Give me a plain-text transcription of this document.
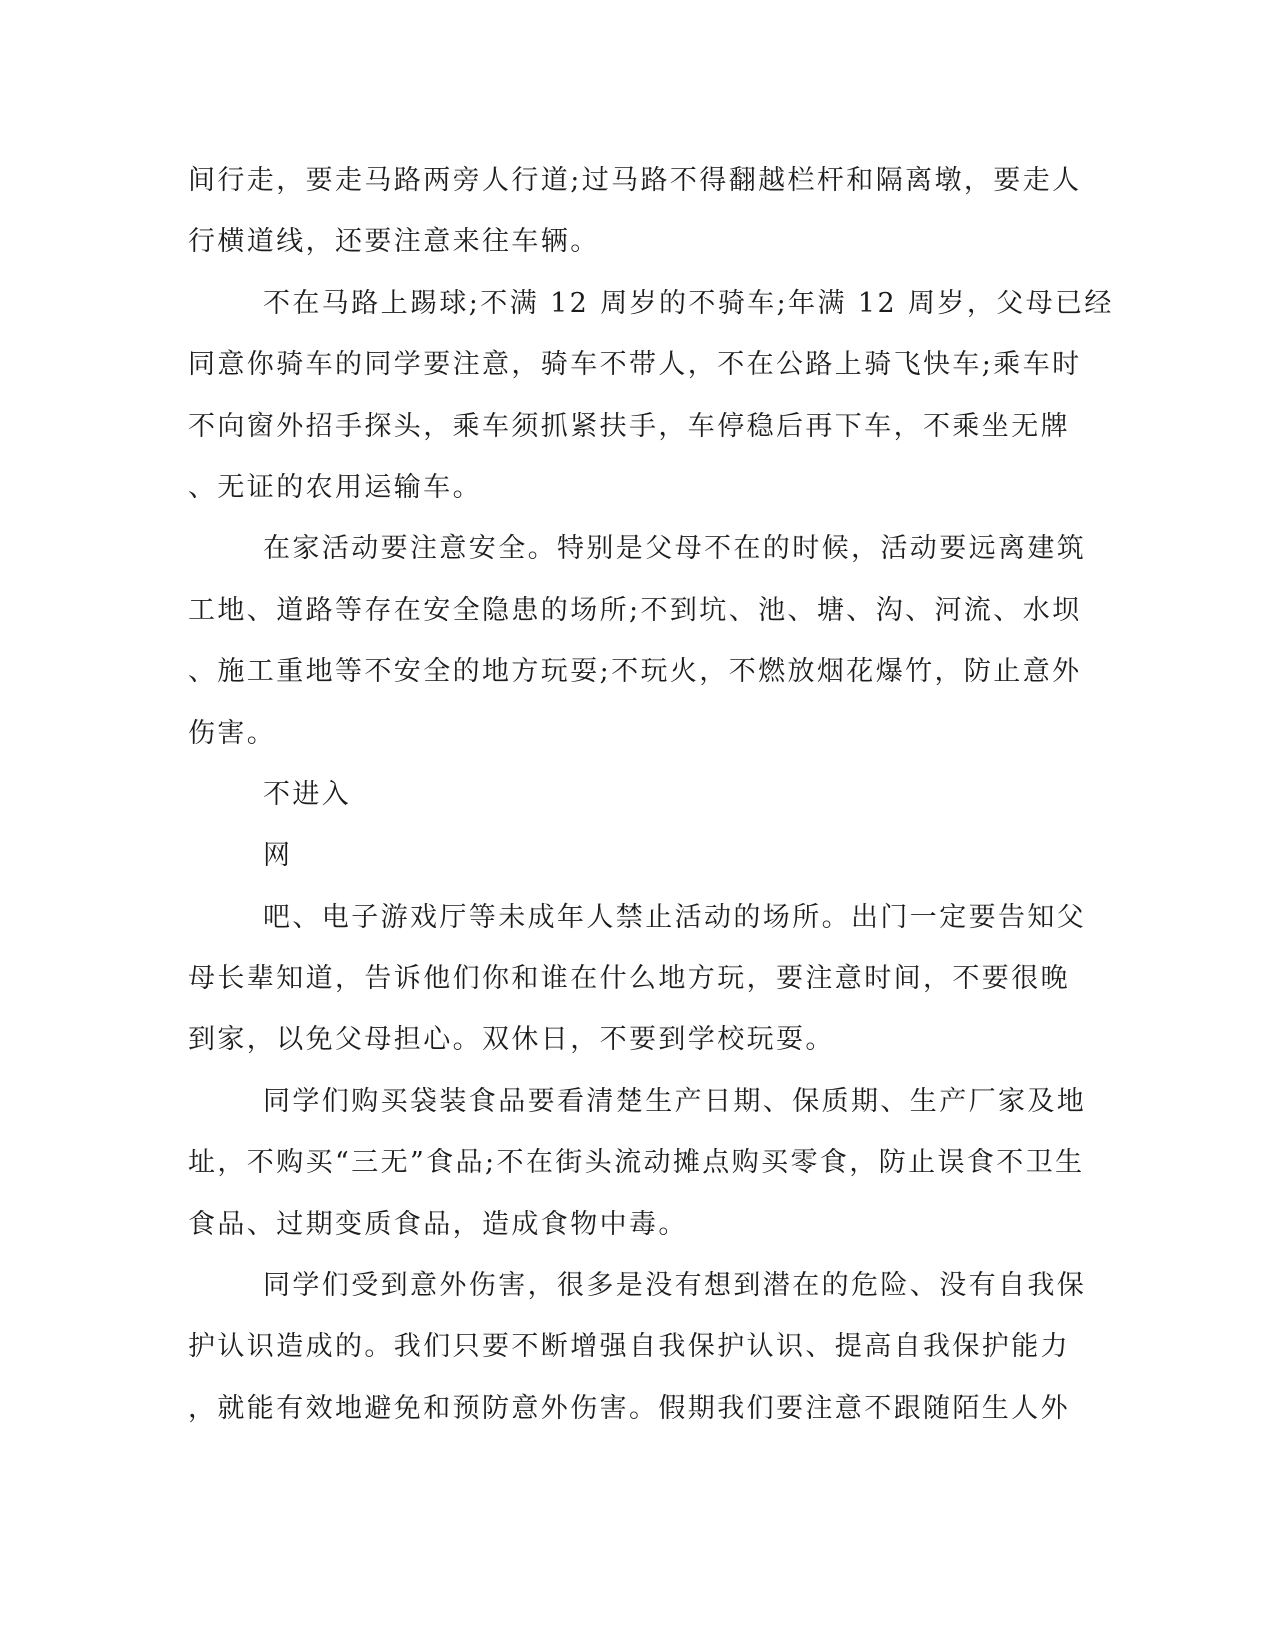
间行走，要走马路两旁人行道;过马路不得翻越栏杆和隔离墩，要走人
行横道线，还要注意来往车辆。
不在马路上踢球;不满 12 周岁的不骑车;年满 12 周岁，父母已经
同意你骑车的同学要注意，骑车不带人，不在公路上骑飞快车;乘车时
不向窗外招手探头，乘车须抓紧扶手，车停稳后再下车，不乘坐无牌
、无证的农用运输车。
在家活动要注意安全。特别是父母不在的时候，活动要远离建筑
工地、道路等存在安全隐患的场所;不到坑、池、塘、沟、河流、水坝
、施工重地等不安全的地方玩耍;不玩火，不燃放烟花爆竹，防止意外
伤害。
不进入
网
吧、电子游戏厅等未成年人禁止活动的场所。出门一定要告知父
母长辈知道，告诉他们你和谁在什么地方玩，要注意时间，不要很晚
到家，以免父母担心。双休日，不要到学校玩耍。
同学们购买袋装食品要看清楚生产日期、保质期、生产厂家及地
址，不购买“三无”食品;不在街头流动摊点购买零食，防止误食不卫生
食品、过期变质食品，造成食物中毒。
同学们受到意外伤害，很多是没有想到潜在的危险、没有自我保
护认识造成的。我们只要不断增强自我保护认识、提高自我保护能力
，就能有效地避免和预防意外伤害。假期我们要注意不跟随陌生人外
